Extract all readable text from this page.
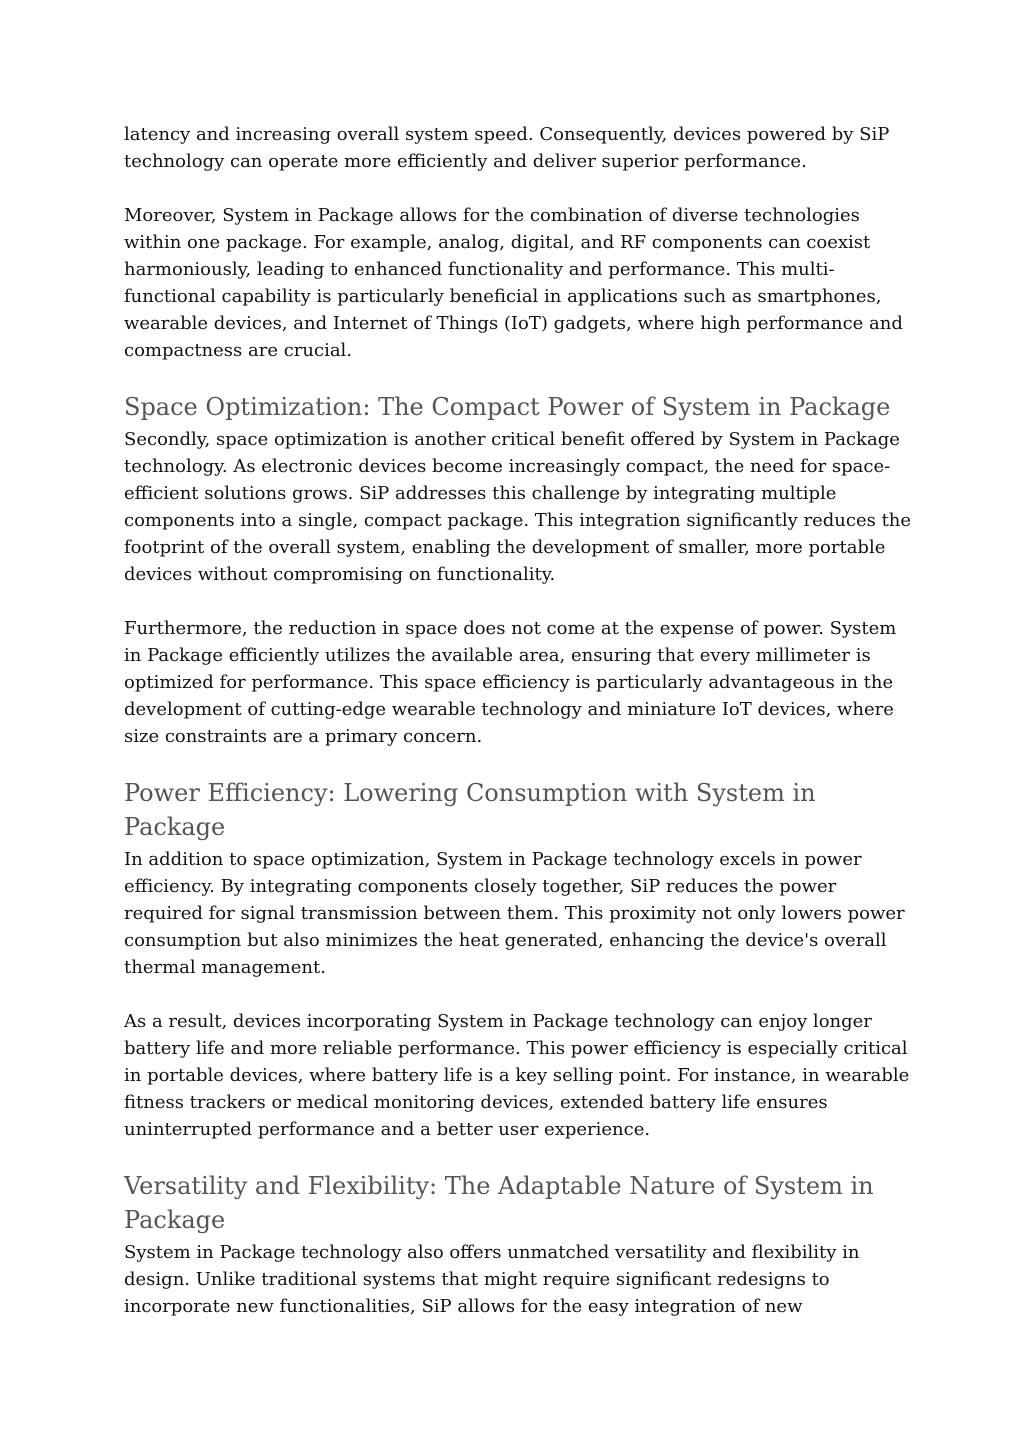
latency and increasing overall system speed. Consequently, devices powered by SiP technology can operate more efficiently and deliver superior performance.

Moreover, System in Package allows for the combination of diverse technologies within one package. For example, analog, digital, and RF components can coexist harmoniously, leading to enhanced functionality and performance. This multi-functional capability is particularly beneficial in applications such as smartphones, wearable devices, and Internet of Things (IoT) gadgets, where high performance and compactness are crucial.

Space Optimization: The Compact Power of System in Package

Secondly, space optimization is another critical benefit offered by System in Package technology. As electronic devices become increasingly compact, the need for space-efficient solutions grows. SiP addresses this challenge by integrating multiple components into a single, compact package. This integration significantly reduces the footprint of the overall system, enabling the development of smaller, more portable devices without compromising on functionality.

Furthermore, the reduction in space does not come at the expense of power. System in Package efficiently utilizes the available area, ensuring that every millimeter is optimized for performance. This space efficiency is particularly advantageous in the development of cutting-edge wearable technology and miniature IoT devices, where size constraints are a primary concern.

Power Efficiency: Lowering Consumption with System in Package

In addition to space optimization, System in Package technology excels in power efficiency. By integrating components closely together, SiP reduces the power required for signal transmission between them. This proximity not only lowers power consumption but also minimizes the heat generated, enhancing the device's overall thermal management.

As a result, devices incorporating System in Package technology can enjoy longer battery life and more reliable performance. This power efficiency is especially critical in portable devices, where battery life is a key selling point. For instance, in wearable fitness trackers or medical monitoring devices, extended battery life ensures uninterrupted performance and a better user experience.

Versatility and Flexibility: The Adaptable Nature of System in Package

System in Package technology also offers unmatched versatility and flexibility in design. Unlike traditional systems that might require significant redesigns to incorporate new functionalities, SiP allows for the easy integration of new
